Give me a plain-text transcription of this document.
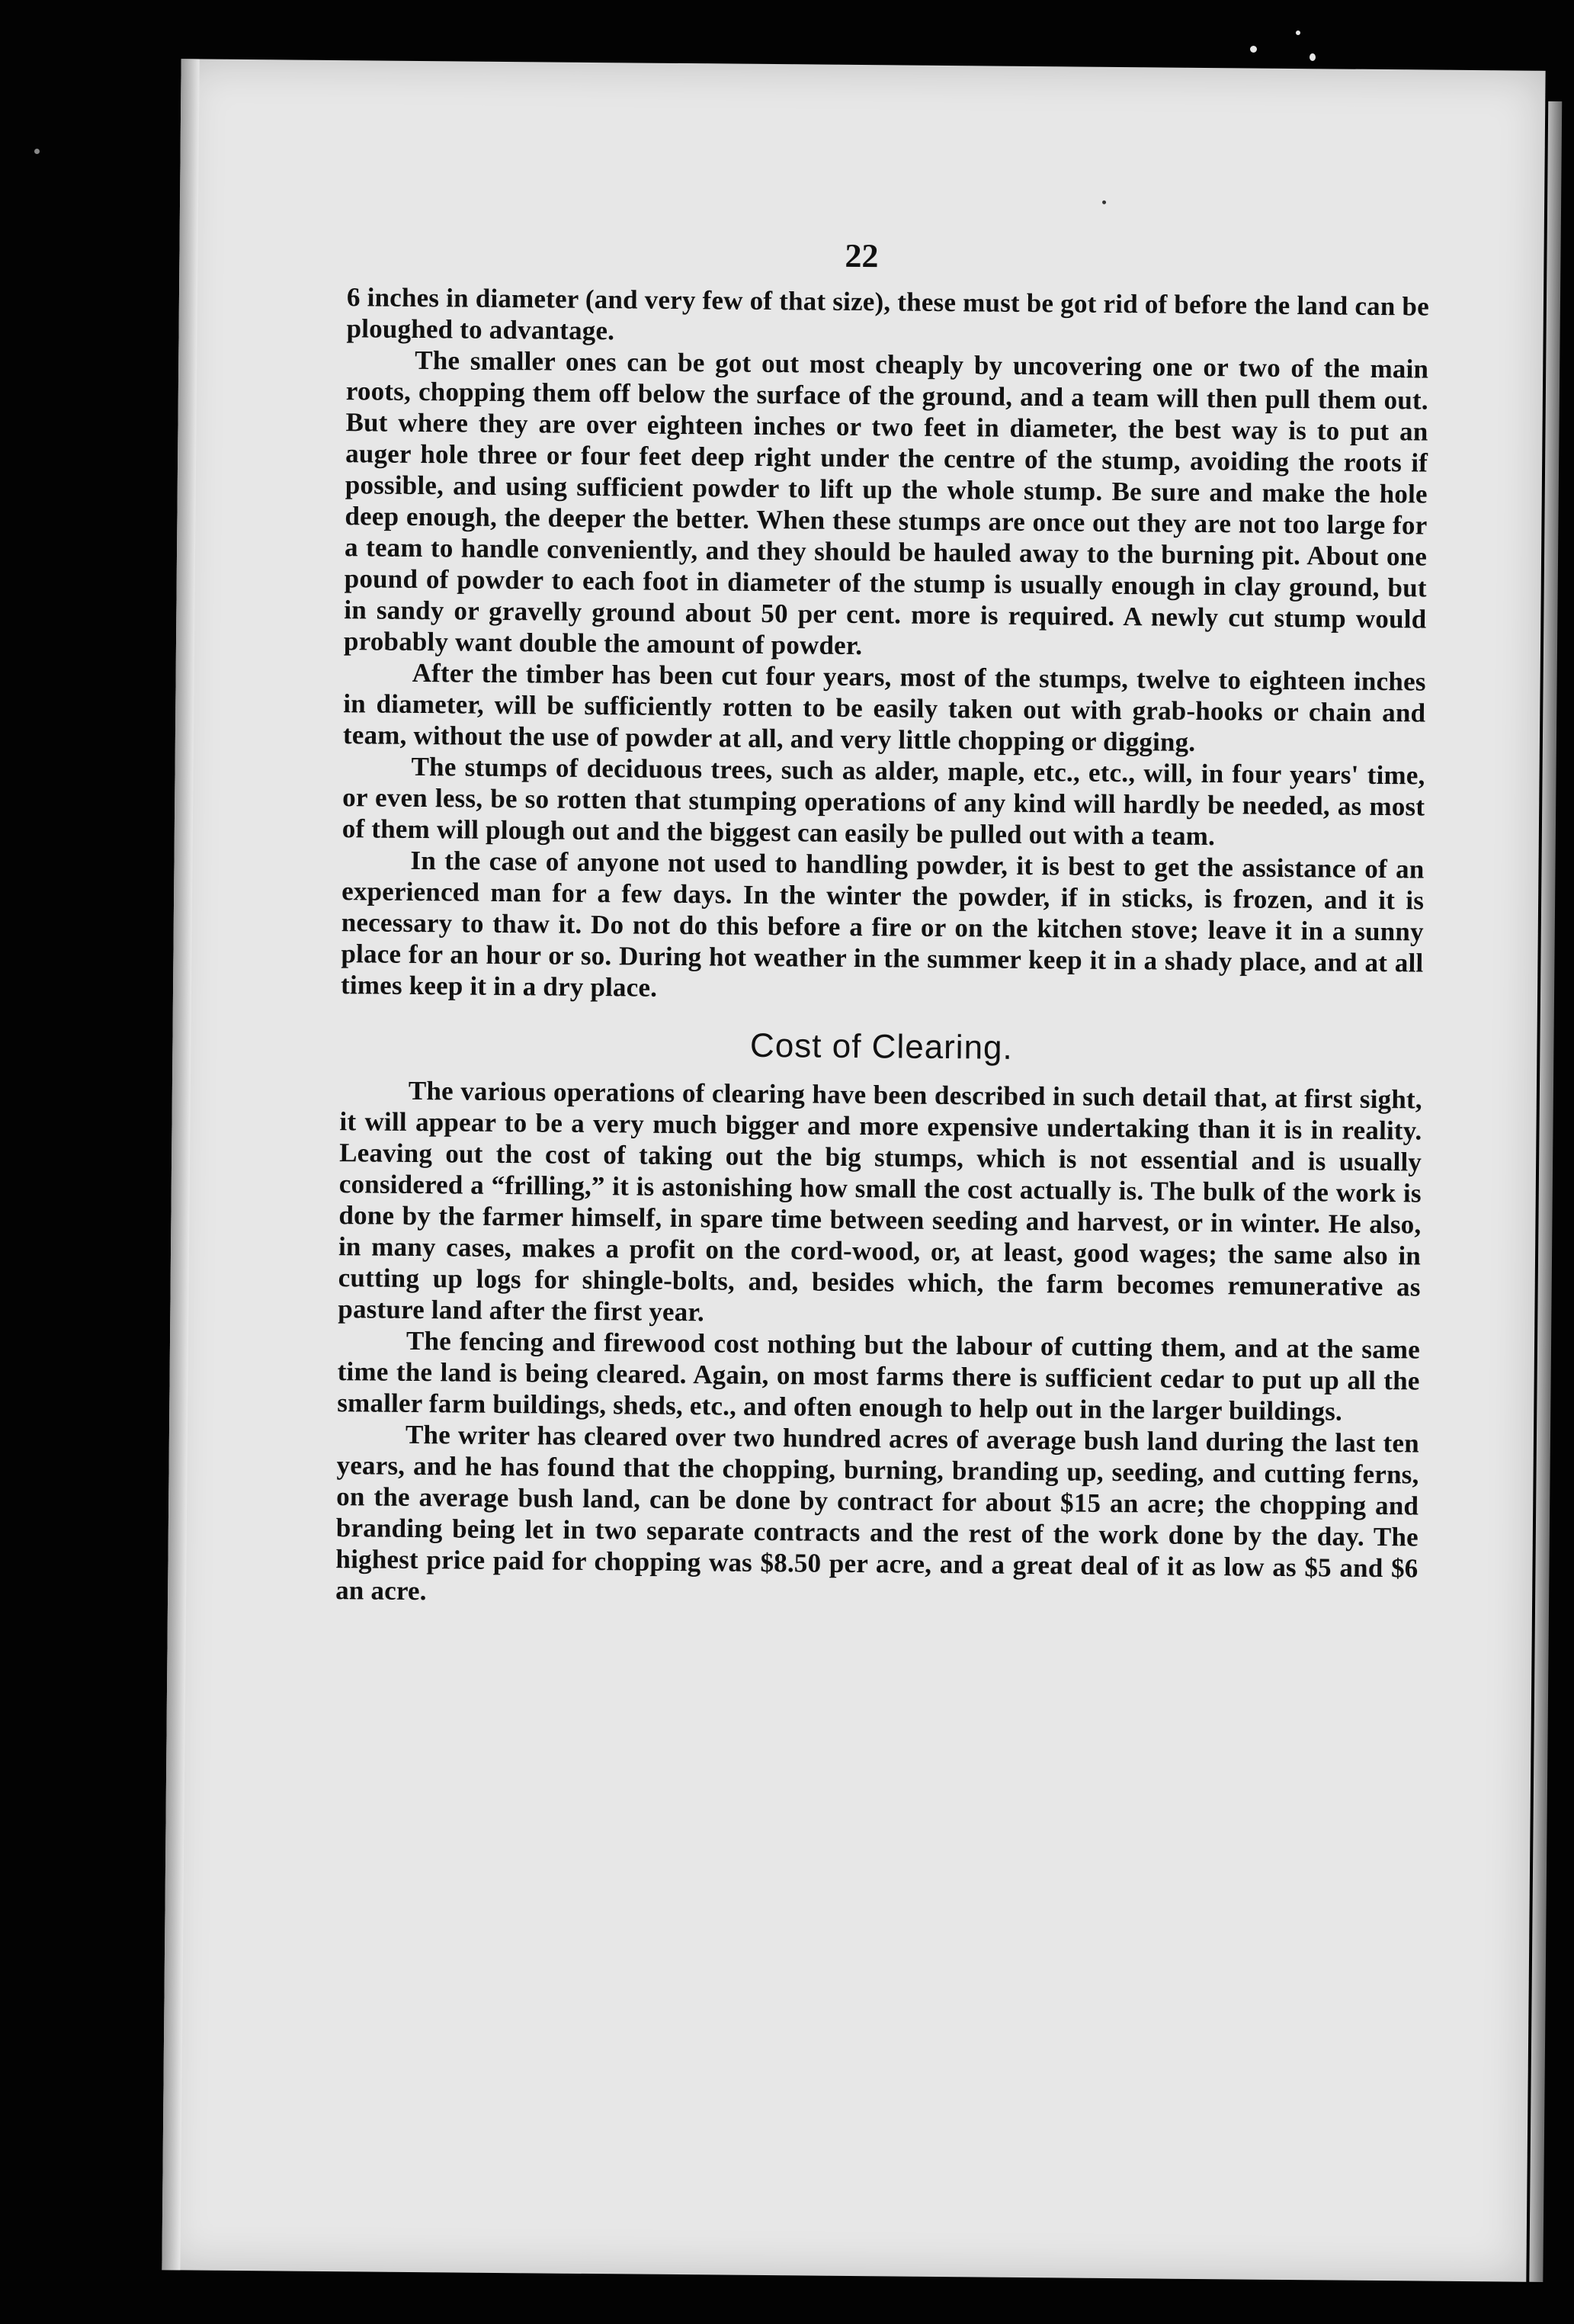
22

6 inches in diameter (and very few of that size), these must be got rid of before the land can be ploughed to advantage.

The smaller ones can be got out most cheaply by uncovering one or two of the main roots, chopping them off below the surface of the ground, and a team will then pull them out. But where they are over eighteen inches or two feet in diameter, the best way is to put an auger hole three or four feet deep right under the centre of the stump, avoiding the roots if possible, and using sufficient powder to lift up the whole stump. Be sure and make the hole deep enough, the deeper the better. When these stumps are once out they are not too large for a team to handle conveniently, and they should be hauled away to the burning pit. About one pound of powder to each foot in diameter of the stump is usually enough in clay ground, but in sandy or gravelly ground about 50 per cent. more is required. A newly cut stump would probably want double the amount of powder.

After the timber has been cut four years, most of the stumps, twelve to eighteen inches in diameter, will be sufficiently rotten to be easily taken out with grab-hooks or chain and team, without the use of powder at all, and very little chopping or digging.

The stumps of deciduous trees, such as alder, maple, etc., etc., will, in four years' time, or even less, be so rotten that stumping operations of any kind will hardly be needed, as most of them will plough out and the biggest can easily be pulled out with a team.

In the case of anyone not used to handling powder, it is best to get the assistance of an experienced man for a few days. In the winter the powder, if in sticks, is frozen, and it is necessary to thaw it. Do not do this before a fire or on the kitchen stove; leave it in a sunny place for an hour or so. During hot weather in the summer keep it in a shady place, and at all times keep it in a dry place.

Cost of Clearing.

The various operations of clearing have been described in such detail that, at first sight, it will appear to be a very much bigger and more expensive undertaking than it is in reality. Leaving out the cost of taking out the big stumps, which is not essential and is usually considered a “frilling,” it is astonishing how small the cost actually is. The bulk of the work is done by the farmer himself, in spare time between seeding and harvest, or in winter. He also, in many cases, makes a profit on the cord-wood, or, at least, good wages; the same also in cutting up logs for shingle-bolts, and, besides which, the farm becomes remunerative as pasture land after the first year.

The fencing and firewood cost nothing but the labour of cutting them, and at the same time the land is being cleared. Again, on most farms there is sufficient cedar to put up all the smaller farm buildings, sheds, etc., and often enough to help out in the larger buildings.

The writer has cleared over two hundred acres of average bush land during the last ten years, and he has found that the chopping, burning, branding up, seeding, and cutting ferns, on the average bush land, can be done by contract for about $15 an acre; the chopping and branding being let in two separate contracts and the rest of the work done by the day. The highest price paid for chopping was $8.50 per acre, and a great deal of it as low as $5 and $6 an acre.
